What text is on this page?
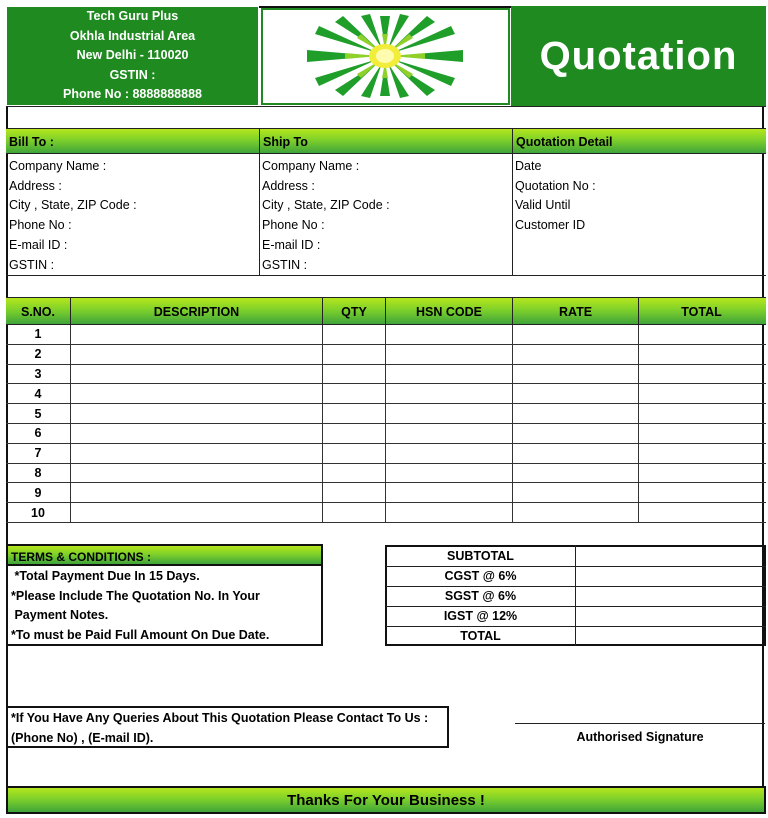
Tech Guru Plus
Okhla Industrial Area
New Delhi - 110020
GSTIN :
Phone No : 8888888888
Quotation
Bill To :	Ship To	Quotation Detail
Company Name :
Address :
City , State, ZIP Code :
Phone No :
E-mail ID :
GSTIN :
Company Name :
Address :
City , State, ZIP Code :
Phone No :
E-mail ID :
GSTIN :
Date
Quotation No :
Valid Until
Customer ID
S.NO.	DESCRIPTION	QTY	HSN CODE	RATE	TOTAL
1
2
3
4
5
6
7
8
9
10
TERMS & CONDITIONS :
*Total Payment Due In 15 Days.
*Please Include The Quotation No. In Your
Payment Notes.
*To must be Paid Full Amount On Due Date.
SUBTOTAL
CGST @ 6%
SGST @ 6%
IGST @ 12%
TOTAL
*If You Have Any Queries About This Quotation Please Contact To Us :
(Phone No) , (E-mail ID).	Authorised Signature
Thanks For Your Business !
